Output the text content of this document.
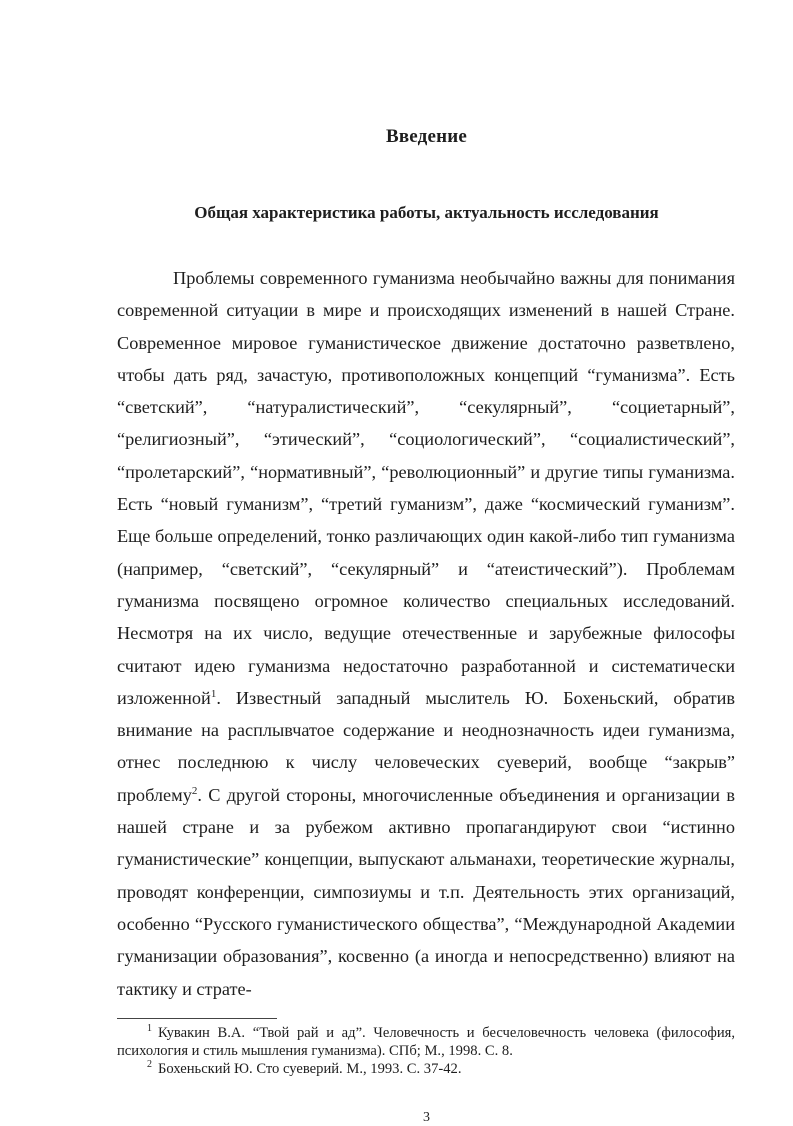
Введение
Общая характеристика работы, актуальность исследования

Проблемы современного гуманизма необычайно важны для понимания современной ситуации в мире и происходящих изменений в нашей Стране. Современное мировое гуманистическое движение достаточно разветвлено, чтобы дать ряд, зачастую, противоположных концепций “гуманизма”. Есть “светский”, “натуралистический”, “секулярный”, “социетарный”, “религиозный”, “этический”, “социологический”, “социалистический”, “пролетарский”, “нормативный”, “революционный” и другие типы гуманизма. Есть “новый гуманизм”, “третий гуманизм”, даже “космический гуманизм”. Еще больше определений, тонко различающих один какой-либо тип гуманизма (например, “светский”, “секулярный” и “атеистический”). Проблемам гуманизма посвящено огромное количество специальных исследований. Несмотря на их число, ведущие отечественные и зарубежные философы считают идею гуманизма недостаточно разработанной и систематически изложенной$^1$. Известный западный мыслитель Ю. Бохеньский, обратив внимание на расплывчатое содержание и неоднозначность идеи гуманизма, отнес последнюю к числу человеческих суеверий, вообще “закрыв” проблему$^2$. С другой стороны, многочисленные объединения и организации в нашей стране и за рубежом активно пропагандируют свои “истинно гуманистические” концепции, выпускают альманахи, теоретические журналы, проводят конференции, симпозиумы и т.п. Деятельность этих организаций, особенно “Русского гуманистического общества”, “Международной Академии гуманизации образования”, косвенно (а иногда и непосредственно) влияют на тактику и страте-

$^1$ Кувакин В.А. “Твой рай и ад”. Человечность и бесчеловечность человека (философия, психология и стиль мышления гуманизма). СПб; М., 1998. С. 8.

$^2$ Бохеньский Ю. Сто суеверий. М., 1993. С. 37-42.

3
